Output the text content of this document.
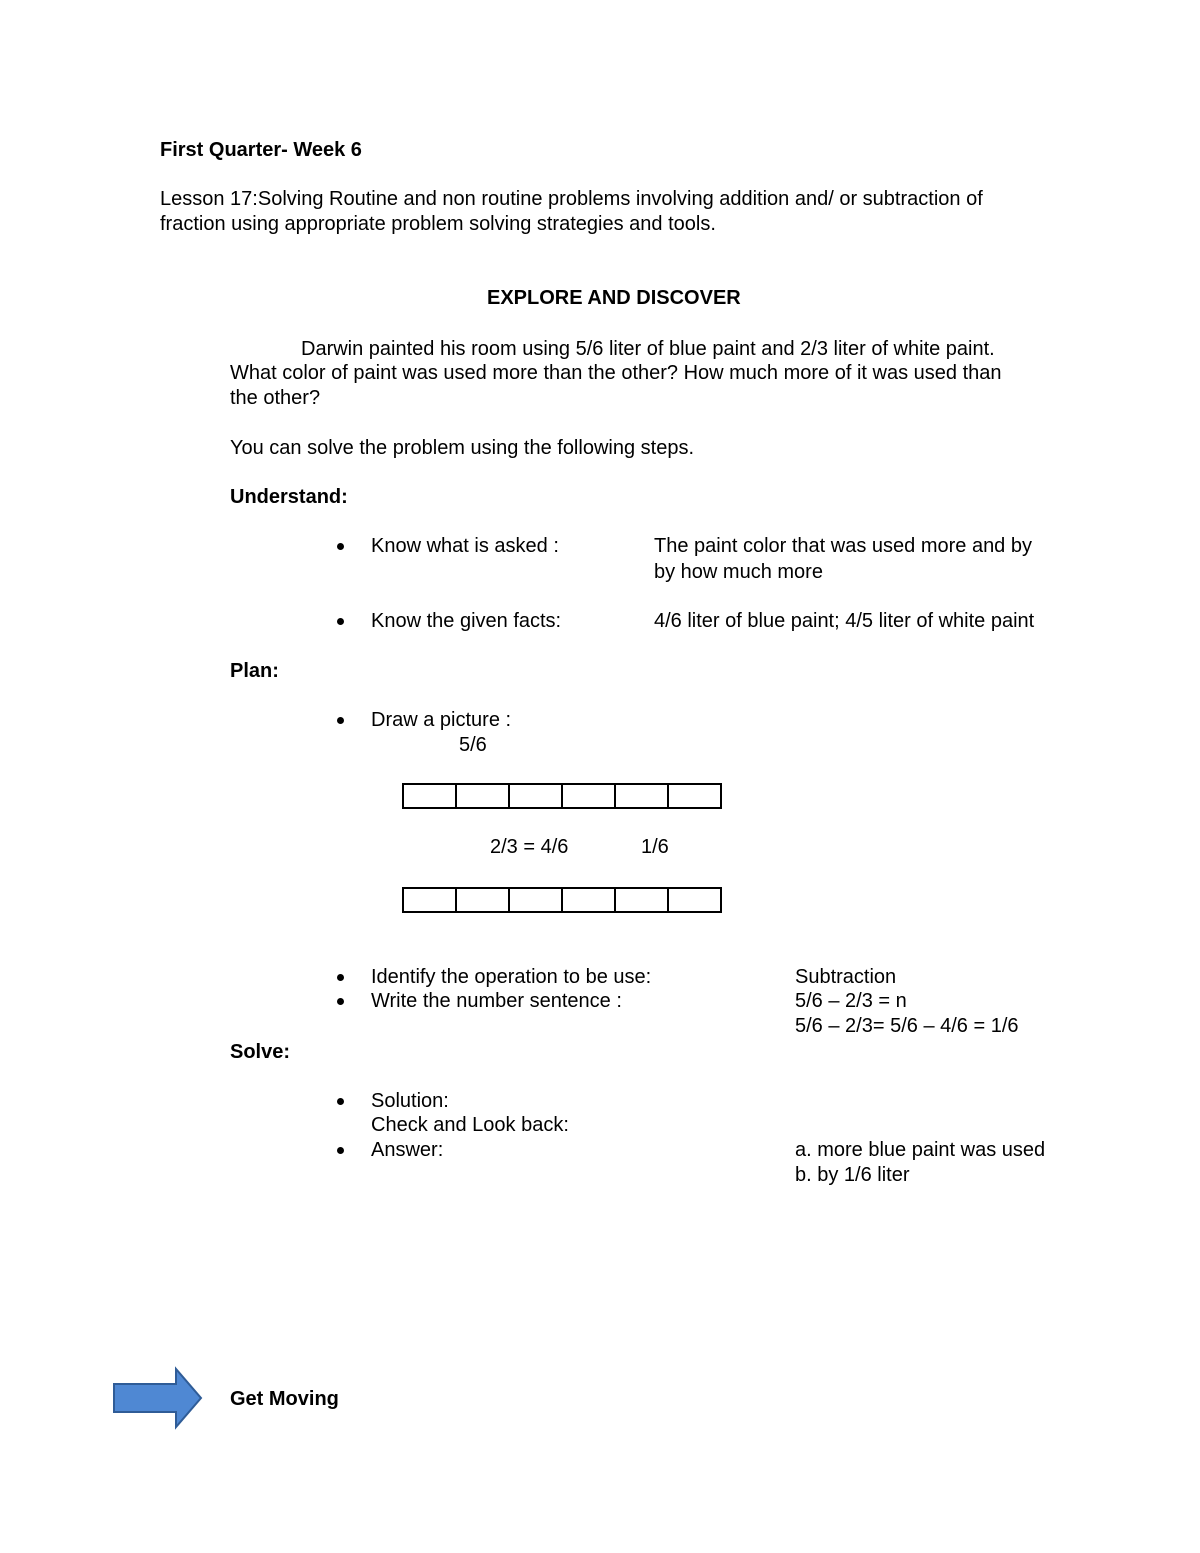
First Quarter- Week 6
Lesson 17:Solving Routine and non routine problems involving addition and/ or subtraction of
fraction using appropriate problem solving strategies and tools.
EXPLORE AND DISCOVER
Darwin painted his room using 5/6 liter of blue paint and 2/3 liter of white paint.
What color of paint was used more than the other? How much more of it was used than
the other?
You can solve the problem using the following steps.
Understand:
Know what is asked :	The paint color that was used more and by
by how much more
Know the given facts:	4/6 liter of blue paint; 4/5 liter of white paint
Plan:
Draw a picture :
5/6
2/3 = 4/6	1/6
Identify the operation to be use:	Subtraction
Write the number sentence :	5/6 – 2/3 = n
5/6 – 2/3= 5/6 – 4/6 = 1/6
Solve:
Solution:
Check and Look back:
Answer:	a. more blue paint was used
b. by 1/6 liter
Get Moving
